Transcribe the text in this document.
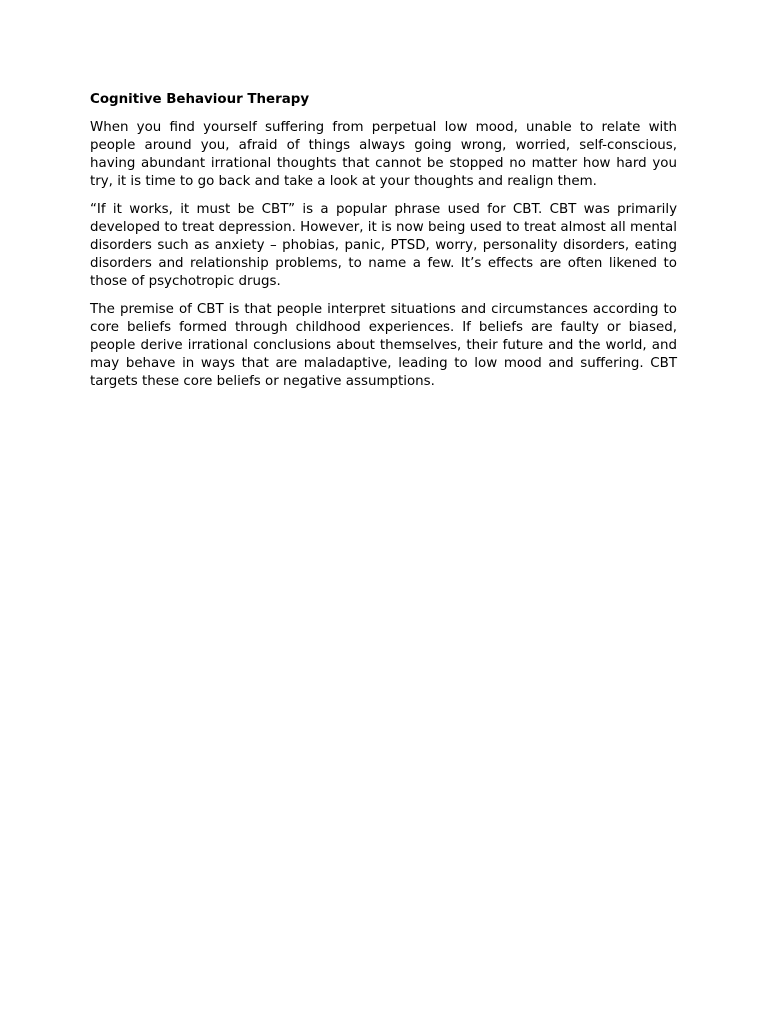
Cognitive Behaviour Therapy

When you find yourself suffering from perpetual low mood, unable to relate with people around you, afraid of things always going wrong, worried, self-conscious, having abundant irrational thoughts that cannot be stopped no matter how hard you try, it is time to go back and take a look at your thoughts and realign them.

“If it works, it must be CBT” is a popular phrase used for CBT. CBT was primarily developed to treat depression. However, it is now being used to treat almost all mental disorders such as anxiety – phobias, panic, PTSD, worry, personality disorders, eating disorders and relationship problems, to name a few. It’s effects are often likened to those of psychotropic drugs.

The premise of CBT is that people interpret situations and circumstances according to core beliefs formed through childhood experiences. If beliefs are faulty or biased, people derive irrational conclusions about themselves, their future and the world, and may behave in ways that are maladaptive, leading to low mood and suffering. CBT targets these core beliefs or negative assumptions.
